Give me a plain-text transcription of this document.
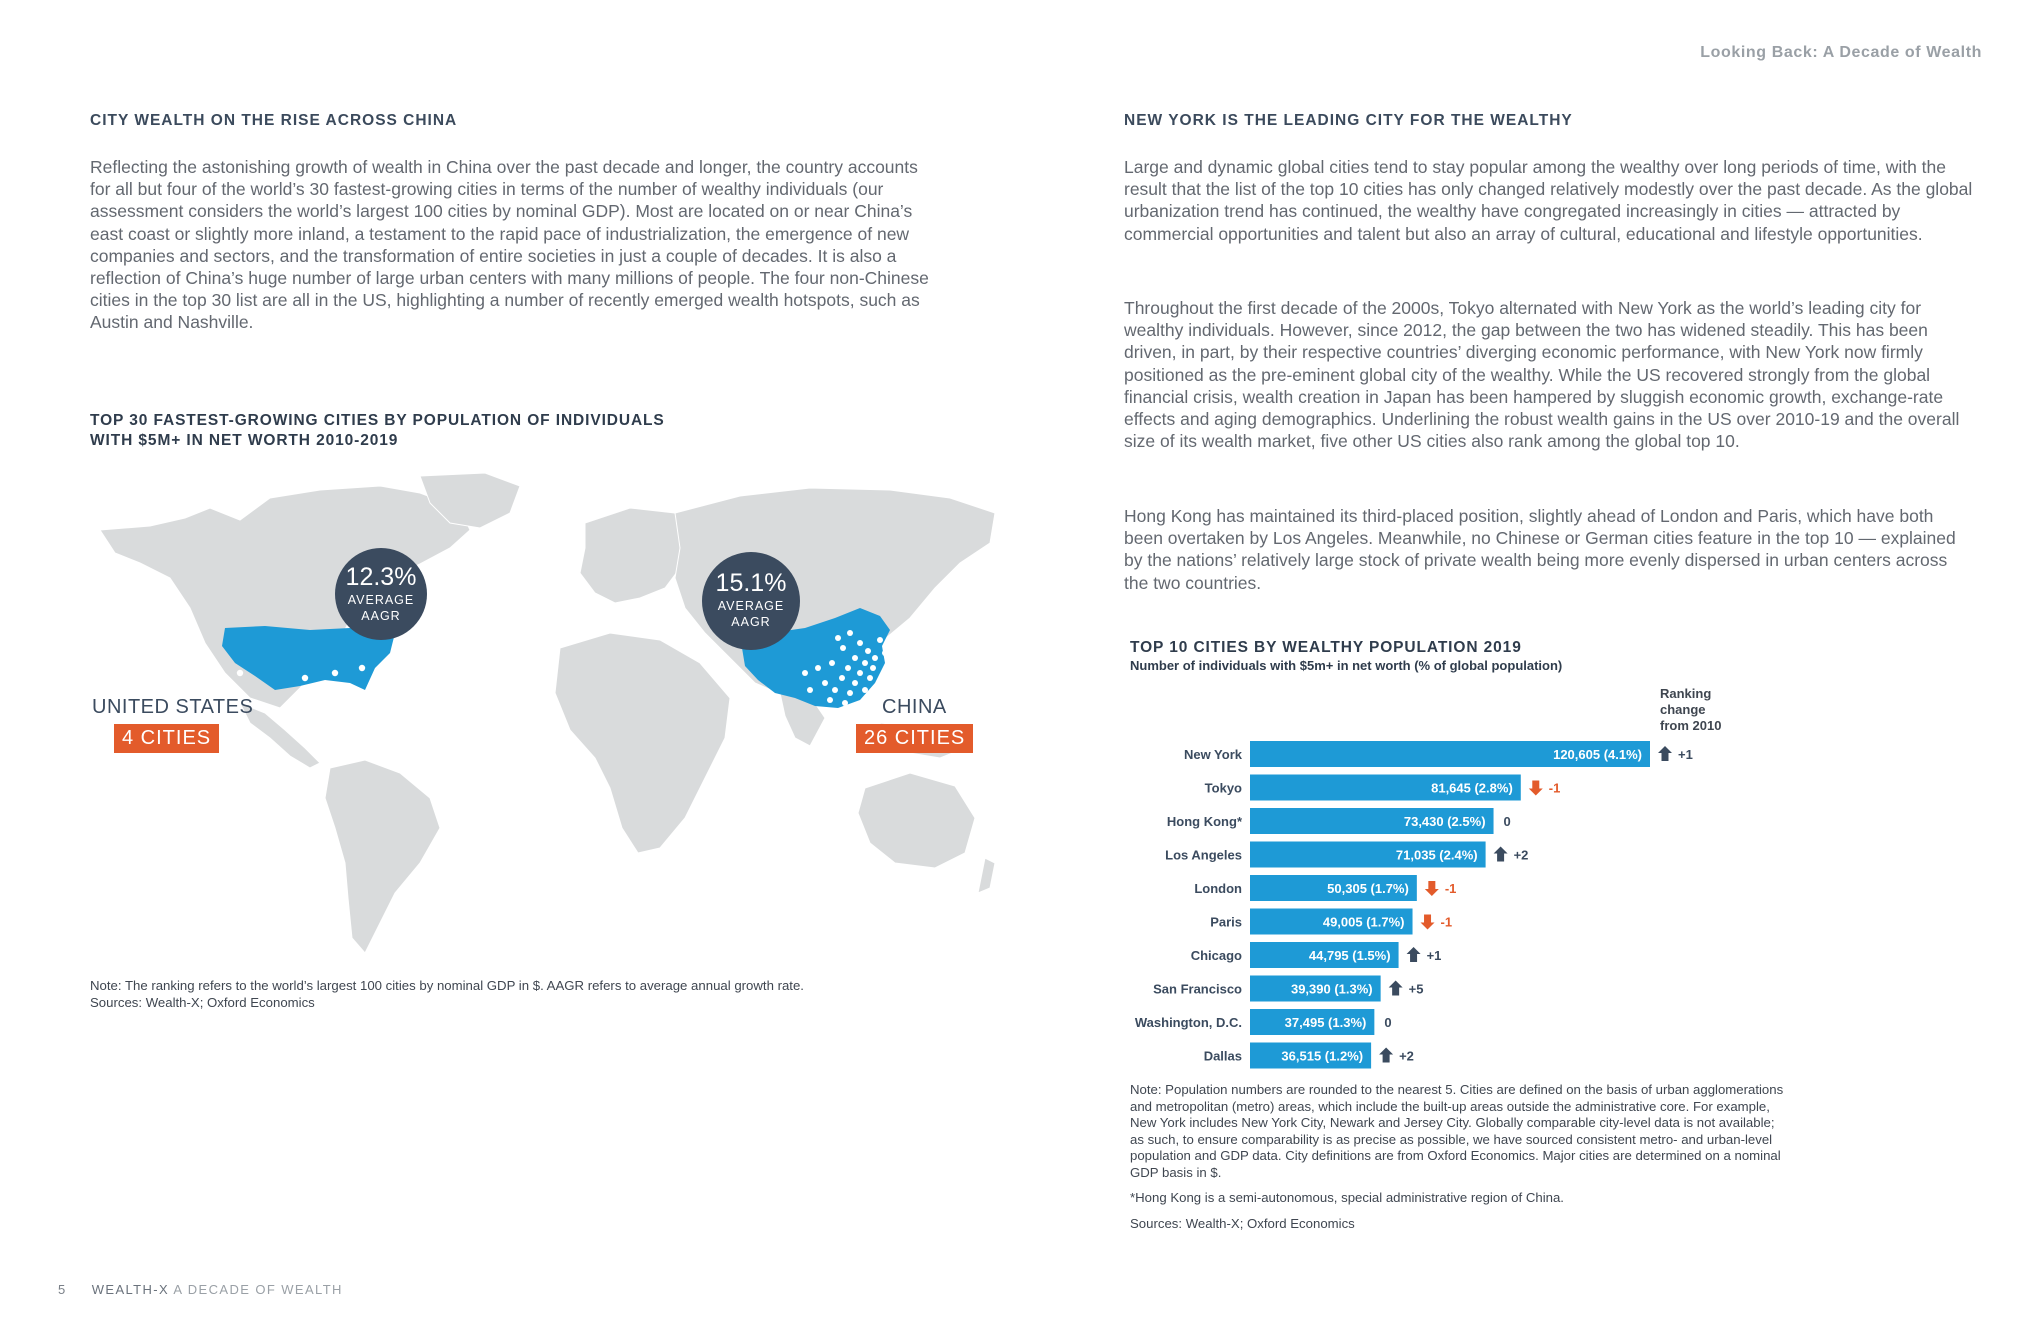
Looking Back: A Decade of Wealth
CITY WEALTH ON THE RISE ACROSS CHINA

Reflecting the astonishing growth of wealth in China over the past decade and longer, the country accounts for all but four of the world’s 30 fastest-growing cities in terms of the number of wealthy individuals (our assessment considers the world’s largest 100 cities by nominal GDP). Most are located on or near China’s east coast or slightly more inland, a testament to the rapid pace of industrialization, the emergence of new companies and sectors, and the transformation of entire societies in just a couple of decades. It is also a reflection of China’s huge number of large urban centers with many millions of people. The four non-Chinese cities in the top 30 list are all in the US, highlighting a number of recently emerged wealth hotspots, such as Austin and Nashville.

TOP 30 FASTEST-GROWING CITIES BY POPULATION OF INDIVIDUALS
WITH $5M+ IN NET WORTH 2010-2019
12.3%
AVERAGE
AAGR
15.1%
AVERAGE
AAGR
UNITED STATES
4 CITIES
CHINA
26 CITIES

Note: The ranking refers to the world’s largest 100 cities by nominal GDP in $. AAGR refers to average annual growth rate.

Sources: Wealth-X; Oxford Economics

NEW YORK IS THE LEADING CITY FOR THE WEALTHY

Large and dynamic global cities tend to stay popular among the wealthy over long periods of time, with the result that the list of the top 10 cities has only changed relatively modestly over the past decade. As the global urbanization trend has continued, the wealthy have congregated increasingly in cities — attracted by commercial opportunities and talent but also an array of cultural, educational and lifestyle opportunities.

Throughout the first decade of the 2000s, Tokyo alternated with New York as the world’s leading city for wealthy individuals. However, since 2012, the gap between the two has widened steadily. This has been driven, in part, by their respective countries’ diverging economic performance, with New York now firmly positioned as the pre-eminent global city of the wealthy. While the US recovered strongly from the global financial crisis, wealth creation in Japan has been hampered by sluggish economic growth, exchange-rate effects and aging demographics. Underlining the robust wealth gains in the US over 2010-19 and the overall size of its wealth market, five other US cities also rank among the global top 10.

Hong Kong has maintained its third-placed position, slightly ahead of London and Paris, which have both been overtaken by Los Angeles. Meanwhile, no Chinese or German cities feature in the top 10 — explained by the nations’ relatively large stock of private wealth being more evenly dispersed in urban centers across the two countries.

TOP 10 CITIES BY WEALTHY POPULATION 2019
Number of individuals with $5m+ in net worth (% of global population)
Ranking
change
from 2010
New York	120,605 (4.1%)	+1
Tokyo	81,645 (2.8%)	-1
Hong Kong*	73,430 (2.5%) 0
Los Angeles	71,035 (2.4%)	+2
London	50,305 (1.7%)	-1
Paris	49,005 (1.7%)	-1
Chicago	44,795 (1.5%)	+1
San Francisco	39,390 (1.3%)	+5
Washington, D.C.	37,495 (1.3%) 0
Dallas	36,515 (1.2%)	+2

Note: Population numbers are rounded to the nearest 5. Cities are defined on the basis of urban agglomerations and metropolitan (metro) areas, which include the built-up areas outside the administrative core. For example, New York includes New York City, Newark and Jersey City. Globally comparable city-level data is not available; as such, to ensure comparability is as precise as possible, we have sourced consistent metro- and urban-level population and GDP data. City definitions are from Oxford Economics. Major cities are determined on a nominal GDP basis in $.

*Hong Kong is a semi-autonomous, special administrative region of China.

Sources: Wealth-X; Oxford Economics

5 WEALTH-X A DECADE OF WEALTH
